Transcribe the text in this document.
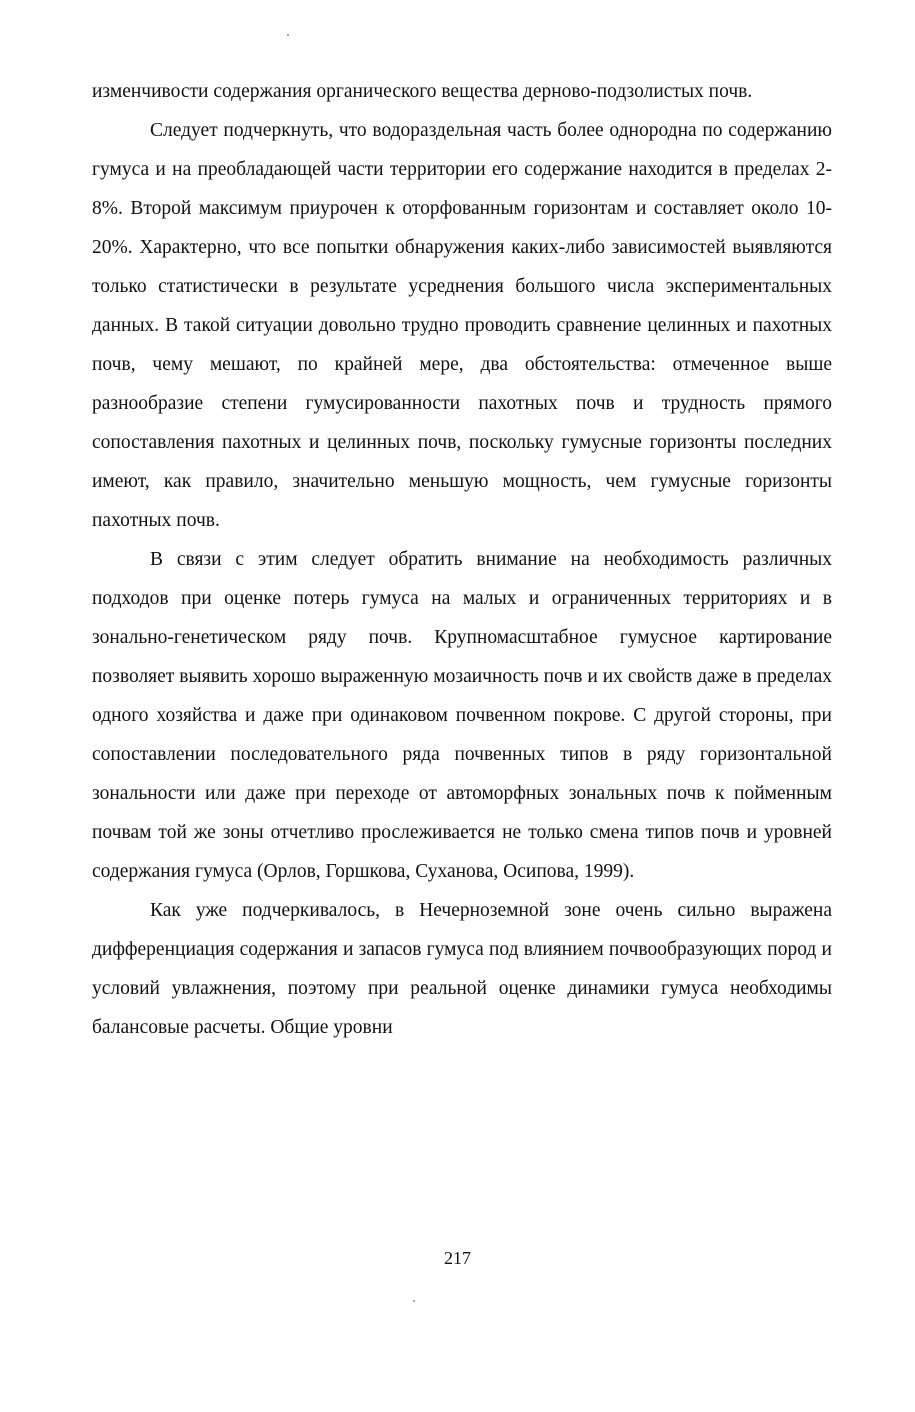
изменчивости содержания органического вещества дерново-подзолистых почв.

Следует подчеркнуть, что водораздельная часть более однородна по содержанию гумуса и на преобладающей части территории его содержание находится в пределах 2-8%. Второй максимум приурочен к оторфованным горизонтам и составляет около 10-20%. Характерно, что все попытки обнаружения каких-либо зависимостей выявляются только статистически в результате усреднения большого числа экспериментальных данных. В такой ситуации довольно трудно проводить сравнение целинных и пахотных почв, чему мешают, по крайней мере, два обстоятельства: отмеченное выше разнообразие степени гумусированности пахотных почв и трудность прямого сопоставления пахотных и целинных почв, поскольку гумусные горизонты последних имеют, как правило, значительно меньшую мощность, чем гумусные горизонты пахотных почв.

В связи с этим следует обратить внимание на необходимость различных подходов при оценке потерь гумуса на малых и ограниченных территориях и в зонально-генетическом ряду почв. Крупномасштабное гумусное картирование позволяет выявить хорошо выраженную мозаичность почв и их свойств даже в пределах одного хозяйства и даже при одинаковом почвенном покрове. С другой стороны, при сопоставлении последовательного ряда почвенных типов в ряду горизонтальной зональности или даже при переходе от автоморфных зональных почв к пойменным почвам той же зоны отчетливо прослеживается не только смена типов почв и уровней содержания гумуса (Орлов, Горшкова, Суханова, Осипова, 1999).

Как уже подчеркивалось, в Нечерноземной зоне очень сильно выражена дифференциация содержания и запасов гумуса под влиянием почвообразующих пород и условий увлажнения, поэтому при реальной оценке динамики гумуса необходимы балансовые расчеты. Общие уровни

217
